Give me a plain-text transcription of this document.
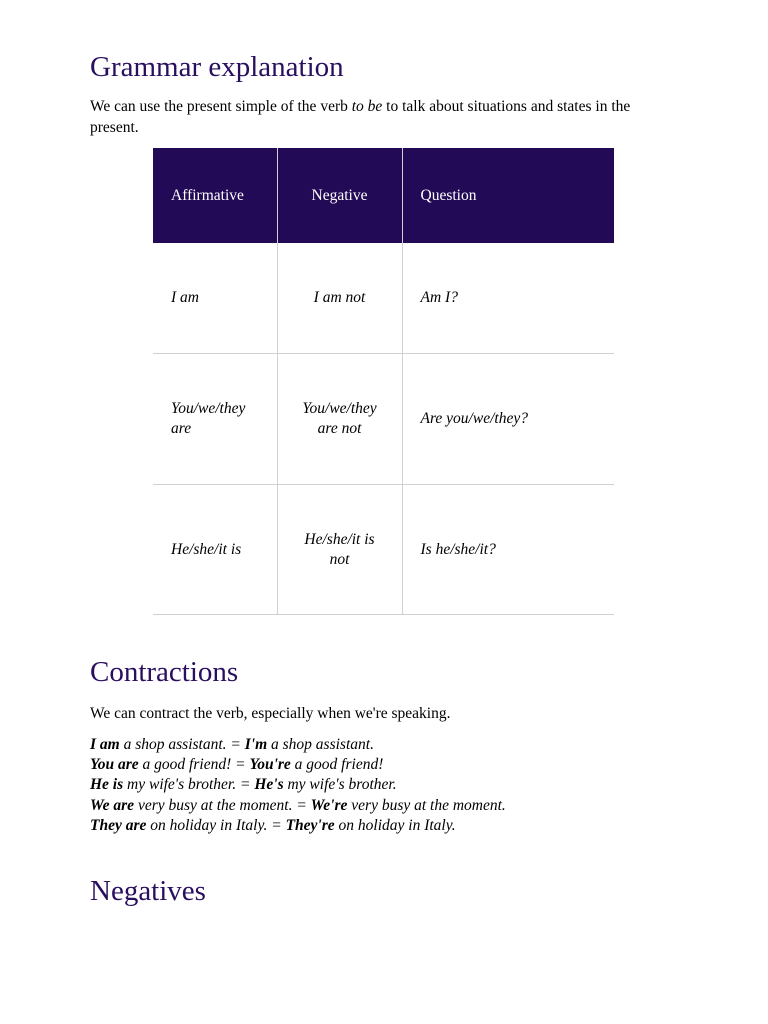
Grammar explanation

We can use the present simple of the verb to be to talk about situations and states in the present.

Affirmative	Negative	Question
I am	I am not	Am I?
You/we/they are	You/we/they are not	Are you/we/they?
He/she/it is	He/she/it is not	Is he/she/it?
Contractions

We can contract the verb, especially when we're speaking.

I am a shop assistant. = I'm a shop assistant.
You are a good friend! = You're a good friend!
He is my wife's brother. = He's my wife's brother.
We are very busy at the moment. = We're very busy at the moment.
They are on holiday in Italy. = They're on holiday in Italy.
Negatives
